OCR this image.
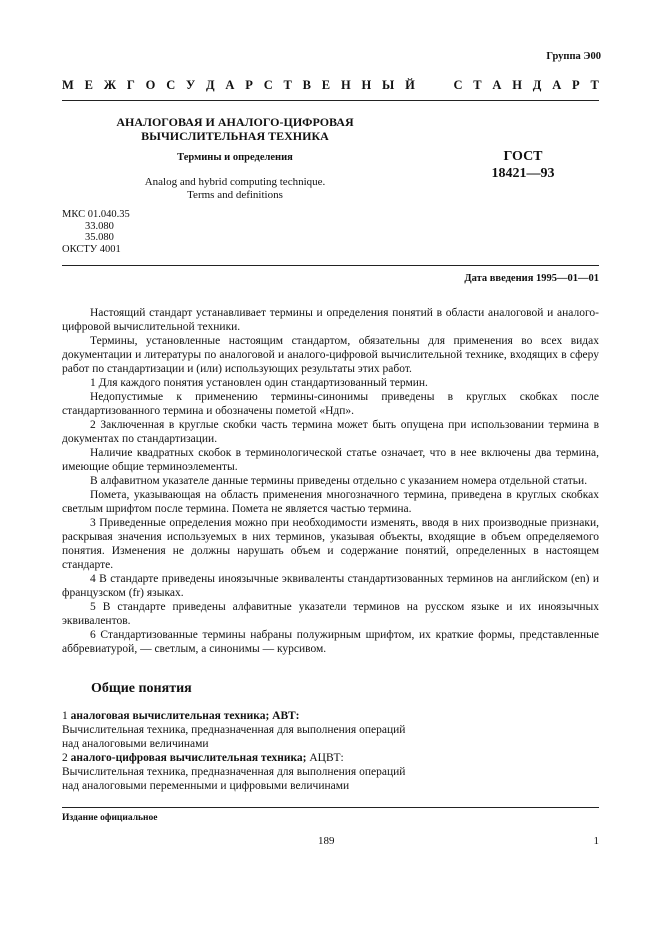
Группа Э00
М Е Ж Г О С У Д А Р С Т В Е Н Н Ы Й

	С Т А Н Д А Р Т
АНАЛОГОВАЯ И АНАЛОГО-ЦИФРОВАЯ
ВЫЧИСЛИТЕЛЬНАЯ ТЕХНИКА
Термины и определения
Analog and hybrid computing technique.
Terms and definitions
ГОСТ
18421—93
МКС 01.040.35
33.080
35.080
ОКСТУ 4001
Дата введения 1995—01—01

Настоящий стандарт устанавливает термины и определения понятий в области аналоговой и аналого-цифровой вычислительной техники.

Термины, установленные настоящим стандартом, обязательны для применения во всех видах документации и литературы по аналоговой и аналого-цифровой вычислительной технике, входящих в сферу работ по стандартизации и (или) использующих результаты этих работ.

1 Для каждого понятия установлен один стандартизованный термин.

Недопустимые к применению термины-синонимы приведены в круглых скобках после стандартизованного термина и обозначены пометой «Ндп».

2 Заключенная в круглые скобки часть термина может быть опущена при использовании термина в документах по стандартизации.

Наличие квадратных скобок в терминологической статье означает, что в нее включены два термина, имеющие общие терминоэлементы.

В алфавитном указателе данные термины приведены отдельно с указанием номера отдельной статьи.

Помета, указывающая на область применения многозначного термина, приведена в круглых скобках светлым шрифтом после термина. Помета не является частью термина.

3 Приведенные определения можно при необходимости изменять, вводя в них производные признаки, раскрывая значения используемых в них терминов, указывая объекты, входящие в объем определяемого понятия. Изменения не должны нарушать объем и содержание понятий, определенных в настоящем стандарте.

4 В стандарте приведены иноязычные эквиваленты стандартизованных терминов на английском (en) и французском (fr) языках.

5 В стандарте приведены алфавитные указатели терминов на русском языке и их иноязычных эквивалентов.

6 Стандартизованные термины набраны полужирным шрифтом, их краткие формы, представленные аббревиатурой, — светлым, а синонимы — курсивом.

Общие понятия
1 аналоговая вычислительная техника; АВТ:
Вычислительная техника, предназначенная для выполнения операций
над аналоговыми величинами
2 аналого-цифровая вычислительная техника; АЦВТ:
Вычислительная техника, предназначенная для выполнения операций
над аналоговыми переменными и цифровыми величинами
Издание официальное
189	1
